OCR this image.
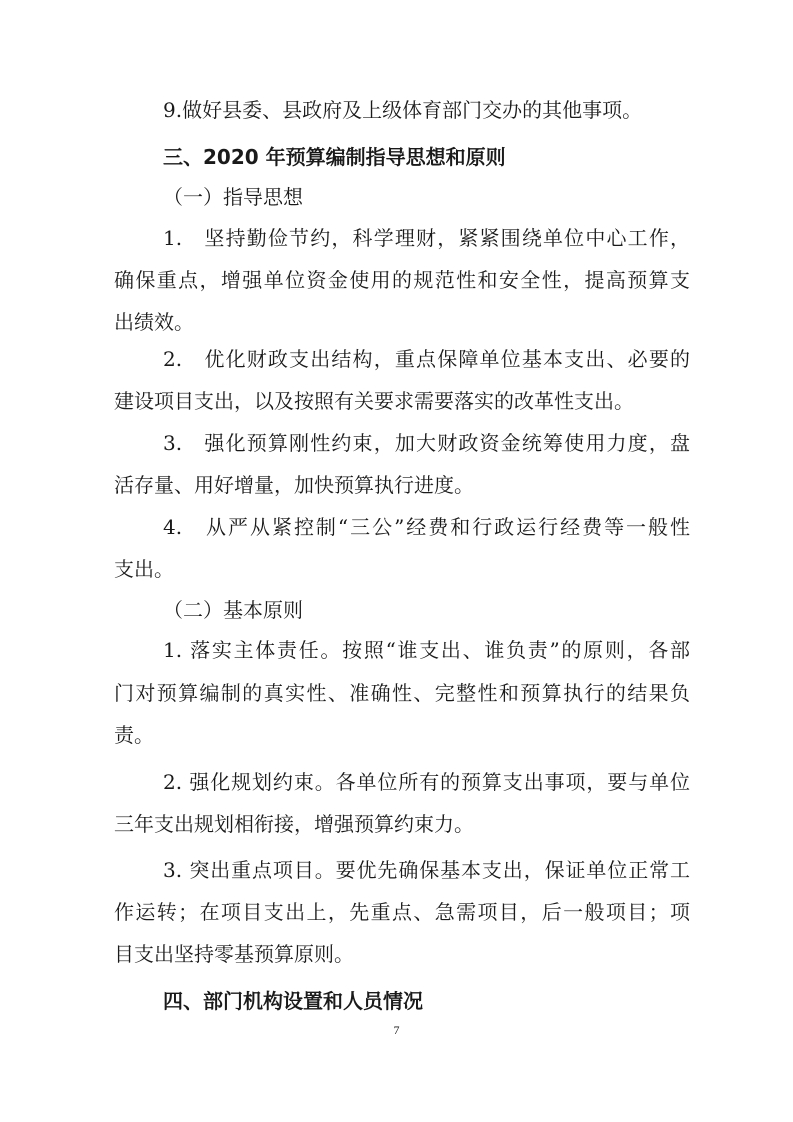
9.做好县委、县政府及上级体育部门交办的其他事项。
三、2020 年预算编制指导思想和原则
（一）指导思想
1.　坚持勤俭节约，科学理财，紧紧围绕单位中心工作，
确保重点，增强单位资金使用的规范性和安全性，提高预算支
出绩效。
2.　优化财政支出结构，重点保障单位基本支出、必要的
建设项目支出，以及按照有关要求需要落实的改革性支出。
3.　强化预算刚性约束，加大财政资金统筹使用力度，盘
活存量、用好增量，加快预算执行进度。
4.　从严从紧控制“三公”经费和行政运行经费等一般性
支出。
（二）基本原则
1. 落实主体责任。按照“谁支出、谁负责”的原则，各部
门对预算编制的真实性、准确性、完整性和预算执行的结果负
责。
2. 强化规划约束。各单位所有的预算支出事项，要与单位
三年支出规划相衔接，增强预算约束力。
3. 突出重点项目。要优先确保基本支出，保证单位正常工
作运转；在项目支出上，先重点、急需项目，后一般项目；项
目支出坚持零基预算原则。
四、部门机构设置和人员情况
7
